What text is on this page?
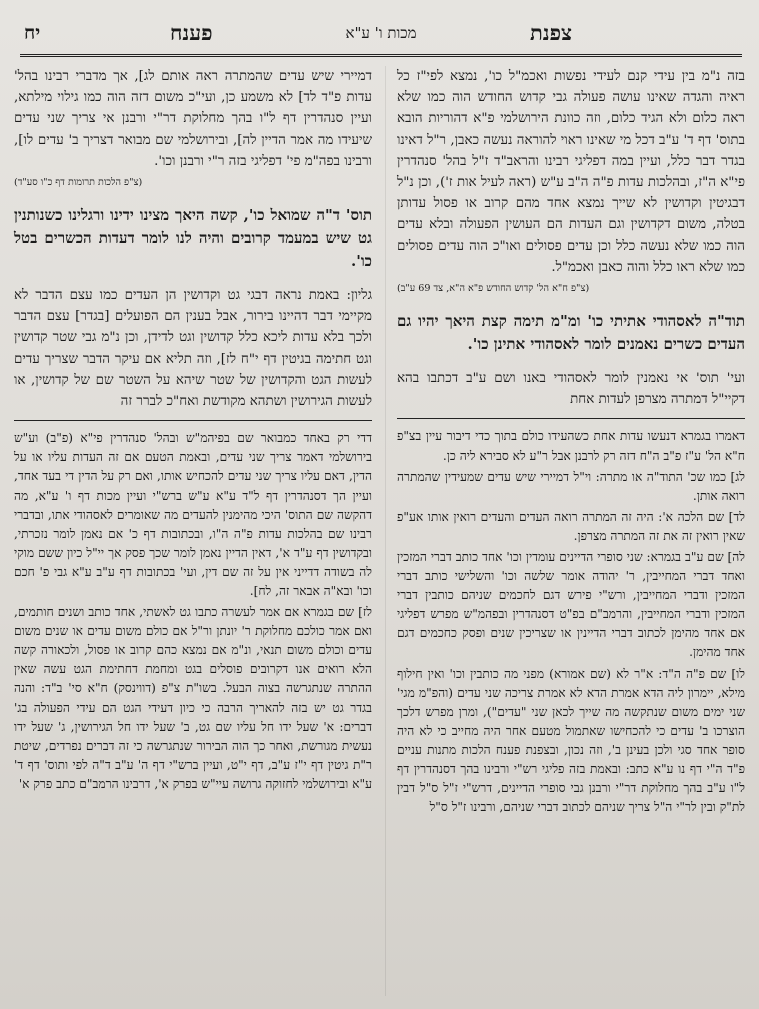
צפנת
מכות ו' ע"א
פענח
יח

בזה נ"מ בין עידי קנם לעידי נפשות ואכמ"ל כו', נמצא לפי"ז כל ראיה והגדה שאינו עושה פעולה גבי קדוש החודש הוה כמו שלא ראה כלום ולא הגיד כלום, וזה כוונת הירושלמי פ"א דהוריות הובא בתוס' דף ד' ע"ב דכל מי שאינו ראוי להוראה נעשה כאבן, ר"ל דאינו בגדר דבר כלל, ועיין במה דפליגי רבינו והראב"ד ז"ל בהל' סנהדרין פי"א ה"ז, ובהלכות עדות פ"ה ה"ב ע"ש (ראה לעיל אות ז'), וכן נ"ל דבגיטין וקדושין לא שייך נמצא אחד מהם קרוב או פסול עדותן בטלה, משום דקדושין וגם העדות הם העושין הפעולה ובלא עדים הוה כמו שלא נעשה כלל וכן עדים פסולים ואו"כ הוה עדים פסולים כמו שלא ראו כלל והוה כאבן ואכמ"ל.

(צ"פ ח"א הל' קדוש החודש פ"א ה"א, צד 69 ע"ב)

תוד"ה לאסהודי אתיתי כו' ומ"מ תימה קצת היאך יהיו גם העדים כשרים נאמנים לומר לאסהודי אתינן כו'.

ועי' תוס' אי נאמנין לומר לאסהודי באנו ושם ע"ב דכתבו בהא דקיי"ל דמתרה מצרפן לעדות אחת

דאמרו בגמרא דנעשו עדות אחת כשהעידו כולם בתוך כדי דיבור עיין בצ"פ ח"א הל' ע"ז פ"ב ה"ח דזה רק לרבנן אבל ר"ע לא סבירא ליה כן.

לג] כמו שכ' התוד"ה או מתרה: וי"ל דמיירי שיש עדים שמעידין שהמתרה רואה אותן.

לד] שם הלכה א': היה זה המתרה רואה העדים והעדים רואין אותו אע"פ שאין רואין זה את זה המתרה מצרפן.

לה] שם ע"ב בגמרא: שני סופרי הדיינים עומדין וכו' אחד כותב דברי המזכין ואחד דברי המחייבין, ר' יהודה אומר שלשה וכו' והשלישי כותב דברי המזכין ודברי המחייבין, ורש"י פירש דגם לחכמים שניהם כותבין דברי המזכין ודברי המחייבין, והרמב"ם בפ"ט דסנהדרין ובפהמ"ש מפרש דפליגי אם אחד מהימן לכתוב דברי הדיינין או שצריכין שנים ופסק כחכמים דגם אחד מהימן.

לו] שם פ"ה ה"ד: א"ר לא (שם אמורא) מפני מה כותבין וכו' ואין חילוף מילא, יימרון ליה הדא אמרת הדא לא אמרת צריכה שני עדים (והפ"מ מגי' שני ימים משום שנתקשה מה שייך לכאן שני "עדים"), ומרן מפרש דלכך הוצרכו ב' עדים כי להכחישו שאתמול מטעם אחר היה מחייב כי לא היה סופר אחד סגי ולכן בעינן ב', וזה נכון, ובצפנת פענח הלכות מתנות עניים פ"ד ה"י דף נו ע"א כתב: ובאמת בזה פליגי רש"י ורבינו בהך דסנהדרין דף ל"ו ע"ב בהך מחלוקת דר"י ורבנן גבי סופרי הדיינים, דרש"י ז"ל ס"ל דבין לת"ק ובין לר"י ה"ל צריך שניהם לכתוב דברי שניהם, ורבינו ז"ל ס"ל

דמיירי שיש עדים שהמתרה ראה אותם לג], אך מדברי רבינו בהל' עדות פ"ד לד] לא משמע כן, ועי"כ משום דזה הוה כמו גילוי מילתא, ועיין סנהדרין דף ל"ו בהך מחלוקת דר"י ורבנן אי צריך שני עדים שיעידו מה אמר הדיין לה], ובירושלמי שם מבואר דצריך ב' עדים לו], ורבינו בפה"מ פי' דפליגי בזה ר"י ורבנן וכו'.

(צ"פ הלכות תרומות דף כ"ו סע"ד)

תוס' ד"ה שמואל כו', קשה היאך מצינו ידינו ורגלינו כשנותנין גט שיש במעמד קרובים והיה לנו לומר דעדות הכשרים בטל כו'.

גליון: באמת נראה דבגי גט וקדושין הן העדים כמו עצם הדבר לא מקיימי דבר דהיינו בירור, אבל בענין הם הפועלים [בגדר] עצם הדבר ולכך בלא עדות ליכא כלל קדושין וגט לדידן, וכן נ"מ גבי שטר קדושין וגט חתימה בגיטין דף י"ח לז], וזה תליא אם עיקר הדבר שצריך עדים לעשות הגט והקדושין של שטר שיהא על השטר שם של קדושין, או לעשות הגירושין ושתהא מקודשת ואח"כ לברר זה

דדי רק באחד כמבואר שם בפיהמ"ש ובהל' סנהדרין פי"א (פ"ב) וע"ש בירושלמי דאמר צריך שני עדים, ובאמת הטעם אם זה העדות עליו או על הדין, דאם עליו צריך שני עדים להכחיש אותו, ואם רק על הדין די בעד אחד, ועיין הך דסנהדרין דף ל"ד ע"א ע"ש ברש"י ועיין מכות דף ו' ע"א, מה דהקשה שם התוס' היכי מהימנין להעדים מה שאומרים לאסהודי אתו, ובדברי רבינו שם בהלכות עדות פ"ה ה"ו, ובכתובות דף כ' אם נאמן לומר נזכרתי, ובקדושין דף ע"ד א', דאין הדיין נאמן לומר שכך פסק אך יי"ל כיון ששם מוקי לה בשודה דדייני אין על זה שם דין, ועי' בכתובות דף ע"ב ע"א גבי פ' חכם וכו' ובא"ה אבאר זה, לח].

לז] שם בגמרא אם אמר לעשרה כתבו גט לאשתי, אחד כותב ושנים חותמים, ואם אמר כולכם מחלוקת ר' יונתן ור"ל אם כולם משום עדים או שנים משום עדים וכולם משום תנאי, ונ"מ אם נמצא כהם קרוב או פסול, ולכאורה קשה הלא רואים אנו דקרובים פוסלים בגט ומחמת דחתימת הגט עשה שאין ההתרה שנתגרשה בצוה הבעל. בשו"ת צ"פ (דווינסק) ח"א סי' ב"ד: והנה בגדר גט יש בזה להאריך הרבה כי כיון דעידי הגט הם עידי הפעולה בג' דברים: א' שעל ידו חל עליו שם גט, ב' שעל ידו חל הגירושין, ג' שעל ידו נעשית מגורשת, ואחר כך הוה הבירור שנתגרשה כי זה דברים נפרדים, שיטת ר"ת גיטין דף י"ז ע"ב, דף י"ט, ועיין ברש"י דף ה' ע"ב ד"ה לפי ותוס' דף ד' ע"א ובירושלמי לחזוקה גרושה עיי"ש בפרק א', דרבינו הרמב"ם כתב פרק א'
